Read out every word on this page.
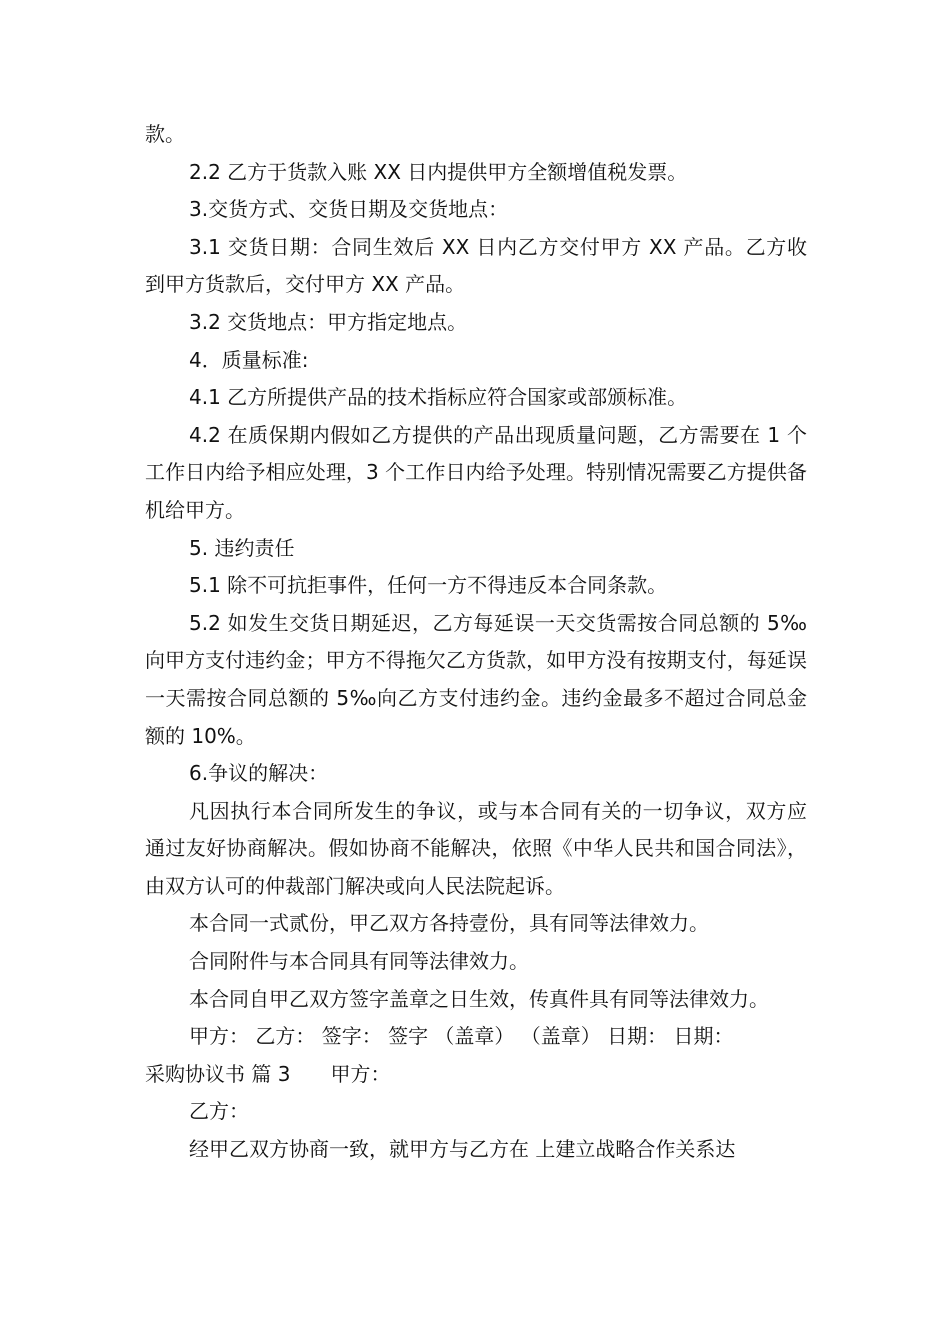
款。

2.2 乙方于货款入账 XX 日内提供甲方全额增值税发票。

3.交货方式、交货日期及交货地点：

3.1 交货日期：合同生效后 XX 日内乙方交付甲方 XX 产品。乙方收到甲方货款后，交付甲方 XX 产品。

3.2 交货地点：甲方指定地点。

4．质量标准:

4.1 乙方所提供产品的技术指标应符合国家或部颁标准。

4.2 在质保期内假如乙方提供的产品出现质量问题，乙方需要在 1 个工作日内给予相应处理，3 个工作日内给予处理。特别情况需要乙方提供备机给甲方。

5. 违约责任

5.1 除不可抗拒事件，任何一方不得违反本合同条款。

5.2 如发生交货日期延迟，乙方每延误一天交货需按合同总额的 5‰向甲方支付违约金；甲方不得拖欠乙方货款，如甲方没有按期支付，每延误一天需按合同总额的 5‰向乙方支付违约金。违约金最多不超过合同总金额的 10%。

6.争议的解决：

凡因执行本合同所发生的争议，或与本合同有关的一切争议，双方应通过友好协商解决。假如协商不能解决，依照《中华人民共和国合同法》，由双方认可的仲裁部门解决或向人民法院起诉。

本合同一式贰份，甲乙双方各持壹份，具有同等法律效力。

合同附件与本合同具有同等法律效力。

本合同自甲乙双方签字盖章之日生效，传真件具有同等法律效力。

甲方： 乙方： 签字： 签字 （盖章） （盖章） 日期： 日期：

采购协议书 篇 3　　甲方：

乙方：

经甲乙双方协商一致，就甲方与乙方在 上建立战略合作关系达
